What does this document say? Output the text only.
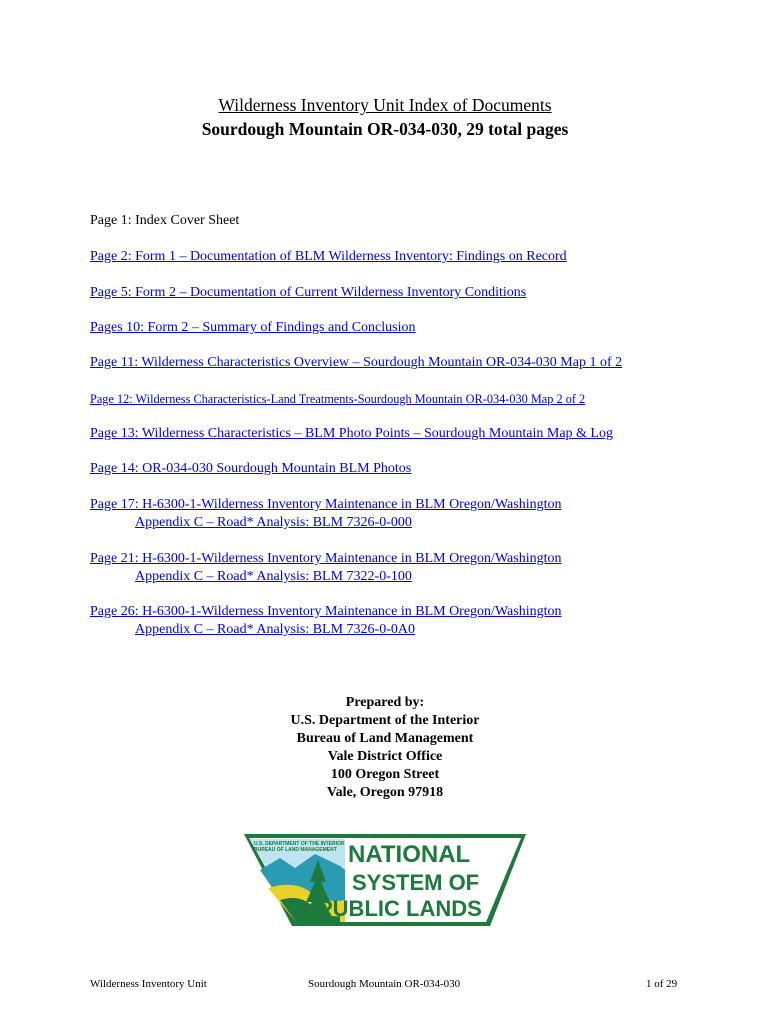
Wilderness Inventory Unit Index of Documents
Sourdough Mountain OR-034-030, 29 total pages
Page 1: Index Cover Sheet
Page 2: Form 1 – Documentation of BLM Wilderness Inventory: Findings on Record
Page 5: Form 2 – Documentation of Current Wilderness Inventory Conditions
Pages 10: Form 2 – Summary of Findings and Conclusion
Page 11: Wilderness Characteristics Overview – Sourdough Mountain OR-034-030 Map 1 of 2
Page 12: Wilderness Characteristics-Land Treatments-Sourdough Mountain OR-034-030 Map 2 of 2
Page 13: Wilderness Characteristics – BLM Photo Points – Sourdough Mountain Map & Log
Page 14: OR-034-030 Sourdough Mountain BLM Photos
Page 17: H-6300-1-Wilderness Inventory Maintenance in BLM Oregon/Washington
Appendix C – Road* Analysis: BLM 7326-0-000
Page 21: H-6300-1-Wilderness Inventory Maintenance in BLM Oregon/Washington
Appendix C – Road* Analysis: BLM 7322-0-100
Page 26: H-6300-1-Wilderness Inventory Maintenance in BLM Oregon/Washington
Appendix C – Road* Analysis: BLM 7326-0-0A0
Prepared by:
U.S. Department of the Interior
Bureau of Land Management
Vale District Office
100 Oregon Street
Vale, Oregon 97918
U.S. DEPARTMENT OF THE INTERIOR
BUREAU OF LAND MANAGEMENT NATIONAL
SYSTEM OF
PUBLIC LANDS
Wilderness Inventory Unit	Sourdough Mountain OR-034-030	1 of 29
